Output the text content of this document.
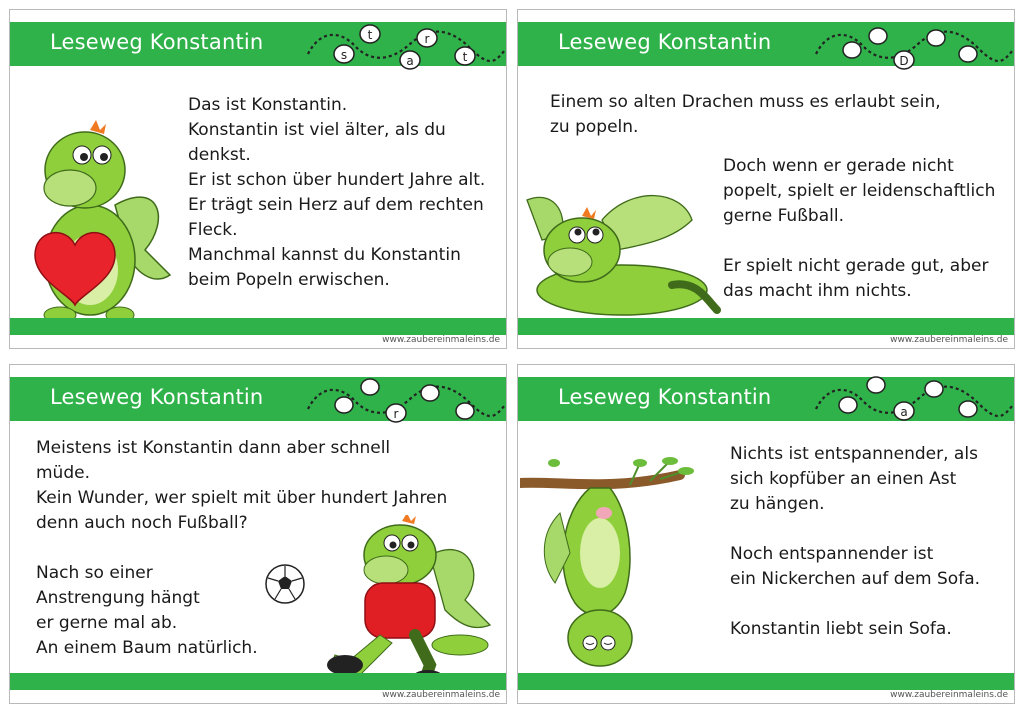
Leseweg Konstantin
s
t
a
r
t
Das ist Konstantin.
Konstantin ist viel älter, als du
denkst.
Er ist schon über hundert Jahre alt.
Er trägt sein Herz auf dem rechten
Fleck.
Manchmal kannst du Konstantin
beim Popeln erwischen.
www.zaubereinmaleins.de
Leseweg Konstantin
D
Einem so alten Drachen muss es erlaubt sein,
zu popeln.
Doch wenn er gerade nicht
popelt, spielt er leidenschaftlich
gerne Fußball.
Er spielt nicht gerade gut, aber
das macht ihm nichts.
www.zaubereinmaleins.de
Leseweg Konstantin
r
Meistens ist Konstantin dann aber schnell
müde.
Kein Wunder, wer spielt mit über hundert Jahren
denn auch noch Fußball?
Nach so einer
Anstrengung hängt
er gerne mal ab.
An einem Baum natürlich.
www.zaubereinmaleins.de
Leseweg Konstantin
a
Nichts ist entspannender, als
sich kopfüber an einen Ast
zu hängen.
Noch entspannender ist
ein Nickerchen auf dem Sofa.
Konstantin liebt sein Sofa.
www.zaubereinmaleins.de
